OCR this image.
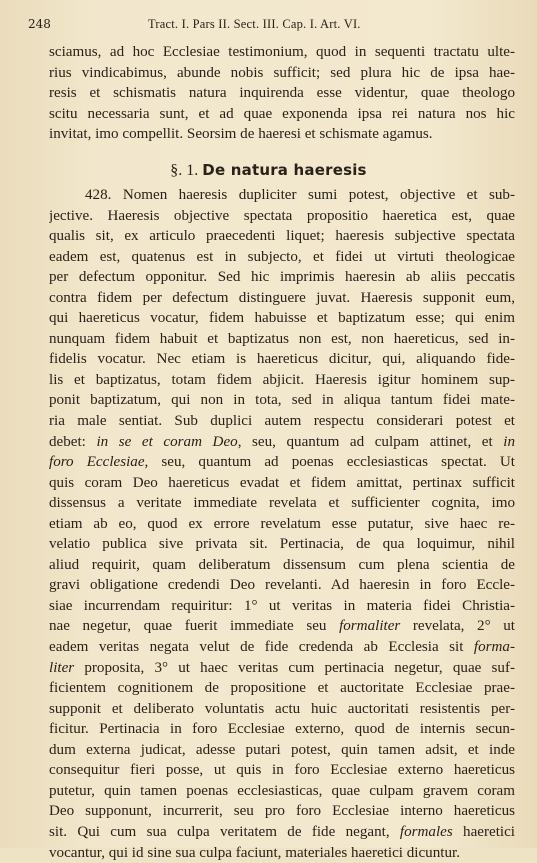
248	Tract. I. Pars II. Sect. III. Cap. I. Art. VI.
sciamus, ad hoc Ecclesiae testimonium, quod in sequenti tractatu ulte-
rius vindicabimus, abunde nobis sufficit; sed plura hic de ipsa hae-
resis et schismatis natura inquirenda esse videntur, quae theologo
scitu necessaria sunt, et ad quae exponenda ipsa rei natura nos hic
invitat, imo compellit. Seorsim de haeresi et schismate agamus.
§. 1. De natura haeresis
428. Nomen haeresis dupliciter sumi potest, objective et sub-
jective. Haeresis objective spectata propositio haeretica est, quae
qualis sit, ex articulo praecedenti liquet; haeresis subjective spectata
eadem est, quatenus est in subjecto, et fidei ut virtuti theologicae
per defectum opponitur. Sed hic imprimis haeresin ab aliis peccatis
contra fidem per defectum distinguere juvat. Haeresis supponit eum,
qui haereticus vocatur, fidem habuisse et baptizatum esse; qui enim
nunquam fidem habuit et baptizatus non est, non haereticus, sed in-
fidelis vocatur. Nec etiam is haereticus dicitur, qui, aliquando fide-
lis et baptizatus, totam fidem abjicit. Haeresis igitur hominem sup-
ponit baptizatum, qui non in tota, sed in aliqua tantum fidei mate-
ria male sentiat. Sub duplici autem respectu considerari potest et
debet: in se et coram Deo, seu, quantum ad culpam attinet, et in
foro Ecclesiae, seu, quantum ad poenas ecclesiasticas spectat. Ut
quis coram Deo haereticus evadat et fidem amittat, pertinax sufficit
dissensus a veritate immediate revelata et sufficienter cognita, imo
etiam ab eo, quod ex errore revelatum esse putatur, sive haec re-
velatio publica sive privata sit. Pertinacia, de qua loquimur, nihil
aliud requirit, quam deliberatum dissensum cum plena scientia de
gravi obligatione credendi Deo revelanti. Ad haeresin in foro Eccle-
siae incurrendam requiritur: 1° ut veritas in materia fidei Christia-
nae negetur, quae fuerit immediate seu formaliter revelata, 2° ut
eadem veritas negata velut de fide credenda ab Ecclesia sit forma-
liter proposita, 3° ut haec veritas cum pertinacia negetur, quae suf-
ficientem cognitionem de propositione et auctoritate Ecclesiae prae-
supponit et deliberato voluntatis actu huic auctoritati resistentis per-
ficitur. Pertinacia in foro Ecclesiae externo, quod de internis secun-
dum externa judicat, adesse putari potest, quin tamen adsit, et inde
consequitur fieri posse, ut quis in foro Ecclesiae externo haereticus
putetur, quin tamen poenas ecclesiasticas, quae culpam gravem coram
Deo supponunt, incurrerit, seu pro foro Ecclesiae interno haereticus
sit. Qui cum sua culpa veritatem de fide negant, formales haeretici
vocantur, qui id sine sua culpa faciunt, materiales haeretici dicuntur.
